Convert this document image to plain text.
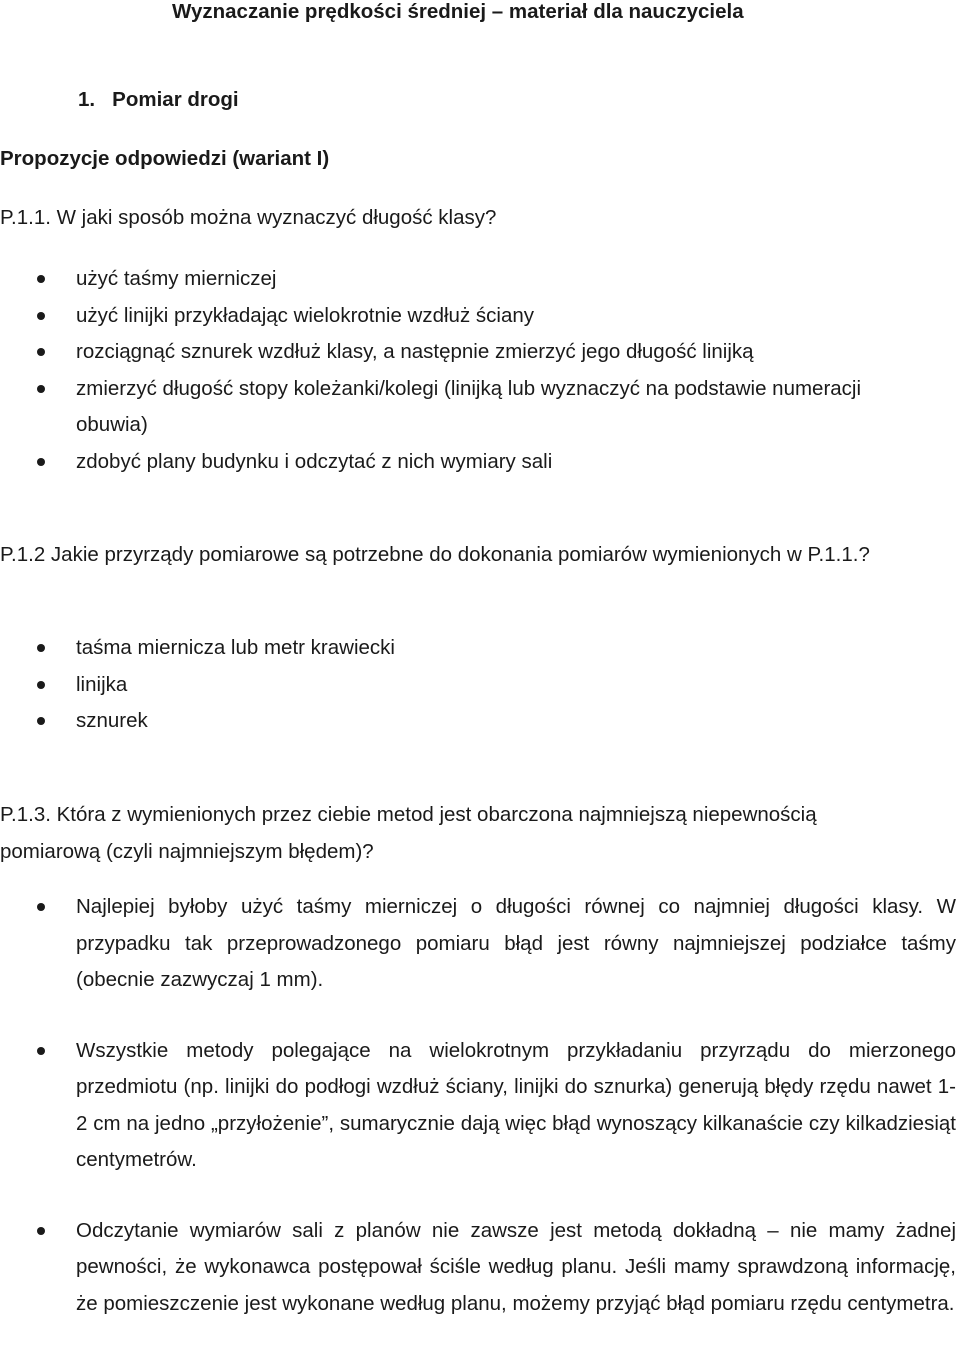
Wyznaczanie prędkości średniej – materiał dla nauczyciela
1.   Pomiar drogi
Propozycje odpowiedzi (wariant I)
P.1.1. W jaki sposób można wyznaczyć długość klasy?
użyć taśmy mierniczej
użyć linijki przykładając wielokrotnie wzdłuż ściany
rozciągnąć sznurek wzdłuż klasy, a następnie zmierzyć jego długość linijką
zmierzyć długość stopy koleżanki/kolegi (linijką lub wyznaczyć na podstawie numeracji obuwia)
zdobyć plany budynku i odczytać z nich wymiary sali
P.1.2 Jakie przyrządy pomiarowe są potrzebne do dokonania pomiarów wymienionych w P.1.1.?
taśma miernicza lub metr krawiecki
linijka
sznurek
P.1.3. Która z wymienionych przez ciebie metod jest obarczona najmniejszą niepewnością pomiarową (czyli najmniejszym błędem)?
Najlepiej byłoby użyć taśmy mierniczej o długości równej co najmniej długości klasy. W przypadku tak przeprowadzonego pomiaru błąd jest równy najmniejszej podziałce taśmy (obecnie zazwyczaj 1 mm).
Wszystkie metody polegające na wielokrotnym przykładaniu przyrządu do mierzonego przedmiotu (np. linijki do podłogi wzdłuż ściany, linijki do sznurka) generują błędy rzędu nawet 1-2 cm na jedno „przyłożenie”, sumarycznie dają więc błąd wynoszący kilkanaście czy kilkadziesiąt centymetrów.
Odczytanie wymiarów sali z planów nie zawsze jest metodą dokładną – nie mamy żadnej pewności, że wykonawca postępował ściśle według planu. Jeśli mamy sprawdzoną informację, że pomieszczenie jest wykonane według planu, możemy przyjąć błąd pomiaru rzędu centymetra.
